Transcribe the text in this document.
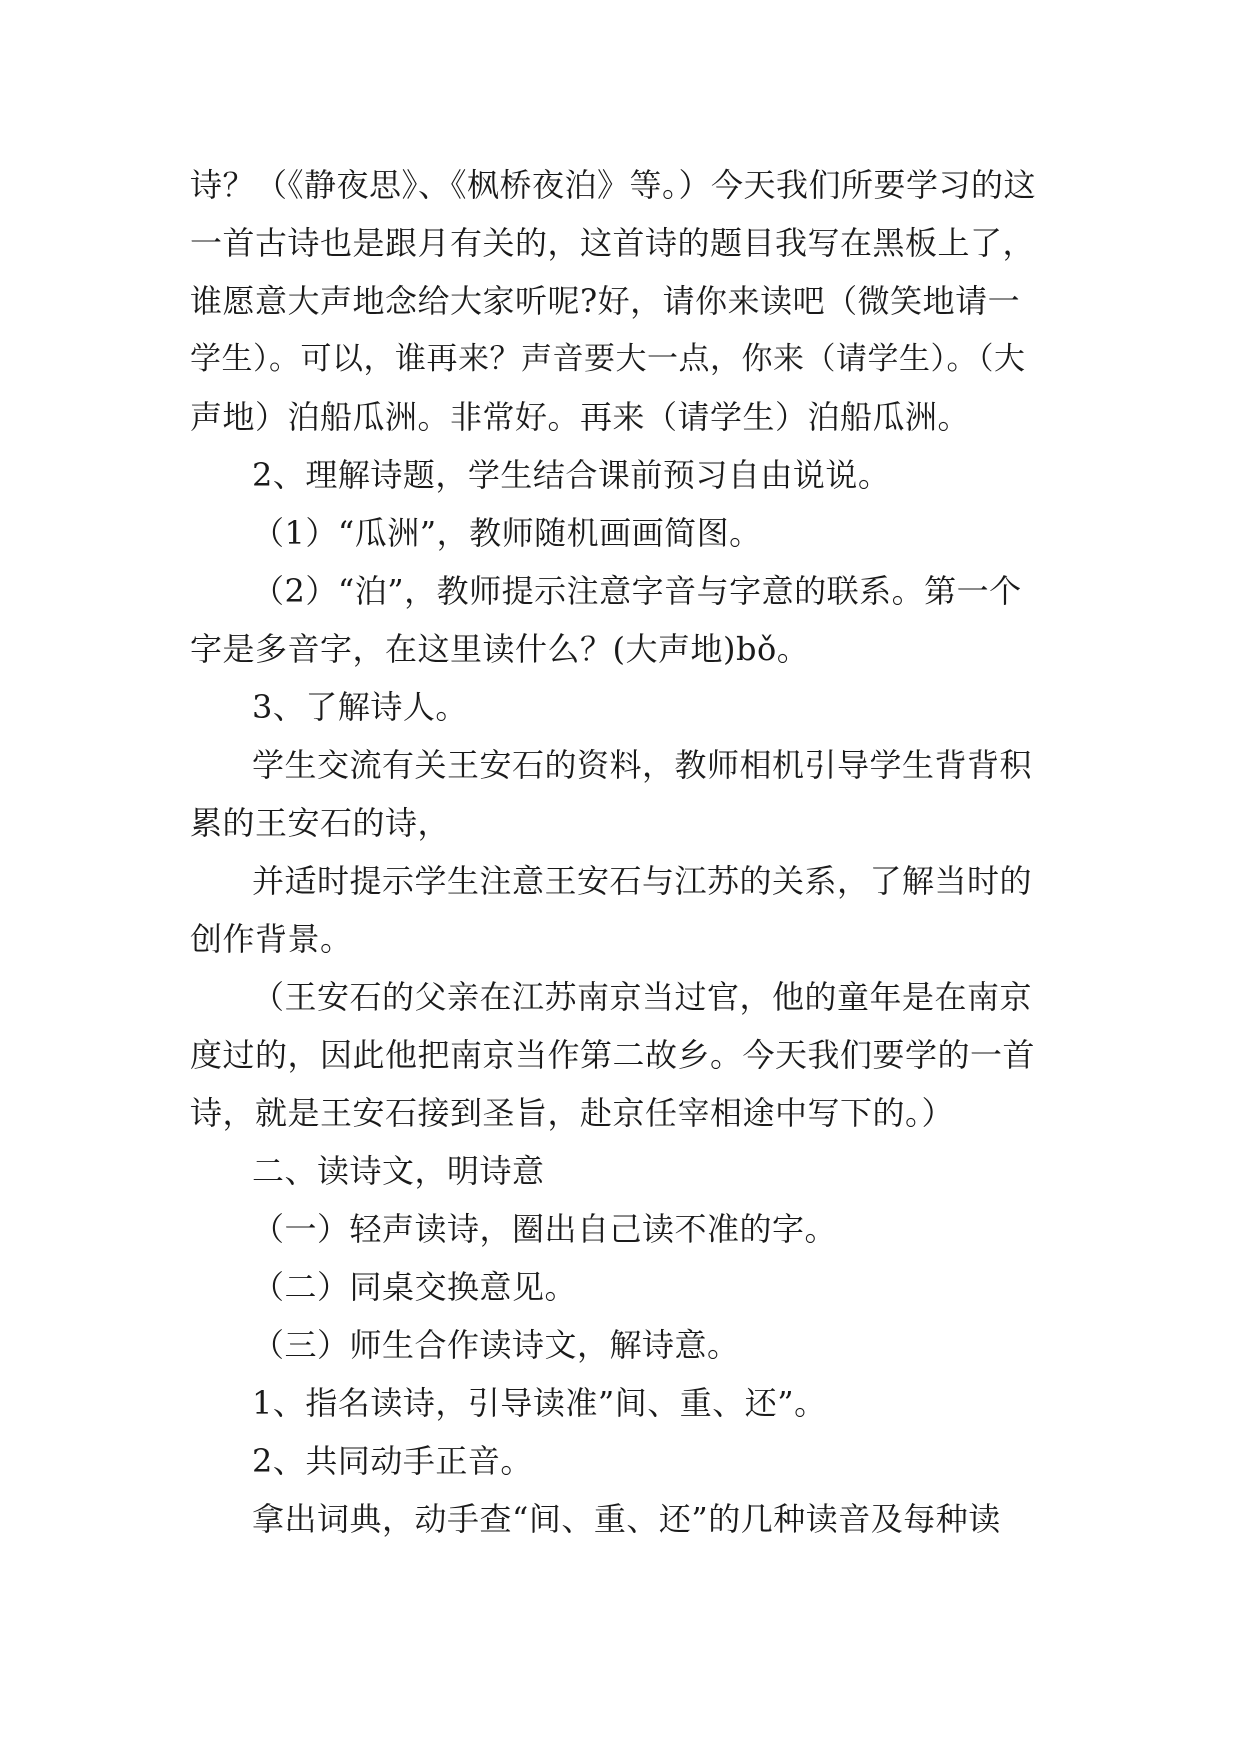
诗？（《静夜思》、《枫桥夜泊》等。）今天我们所要学习的这
一首古诗也是跟月有关的，这首诗的题目我写在黑板上了，
谁愿意大声地念给大家听呢?好，请你来读吧（微笑地请一
学生）。可以，谁再来？声音要大一点，你来（请学生）。（大
声地）泊船瓜洲。非常好。再来（请学生）泊船瓜洲。
2、理解诗题，学生结合课前预习自由说说。
（1）“瓜洲”，教师随机画画简图。
（2）“泊”，教师提示注意字音与字意的联系。第一个
字是多音字，在这里读什么？(大声地)bǒ。
3、了解诗人。
学生交流有关王安石的资料，教师相机引导学生背背积
累的王安石的诗，
并适时提示学生注意王安石与江苏的关系，了解当时的
创作背景。
（王安石的父亲在江苏南京当过官，他的童年是在南京
度过的，因此他把南京当作第二故乡。今天我们要学的一首
诗，就是王安石接到圣旨，赴京任宰相途中写下的。）
二、读诗文，明诗意
（一）轻声读诗，圈出自己读不准的字。
（二）同桌交换意见。
（三）师生合作读诗文，解诗意。
1、指名读诗，引导读准”间、重、还”。
2、共同动手正音。
拿出词典，动手查“间、重、还”的几种读音及每种读
